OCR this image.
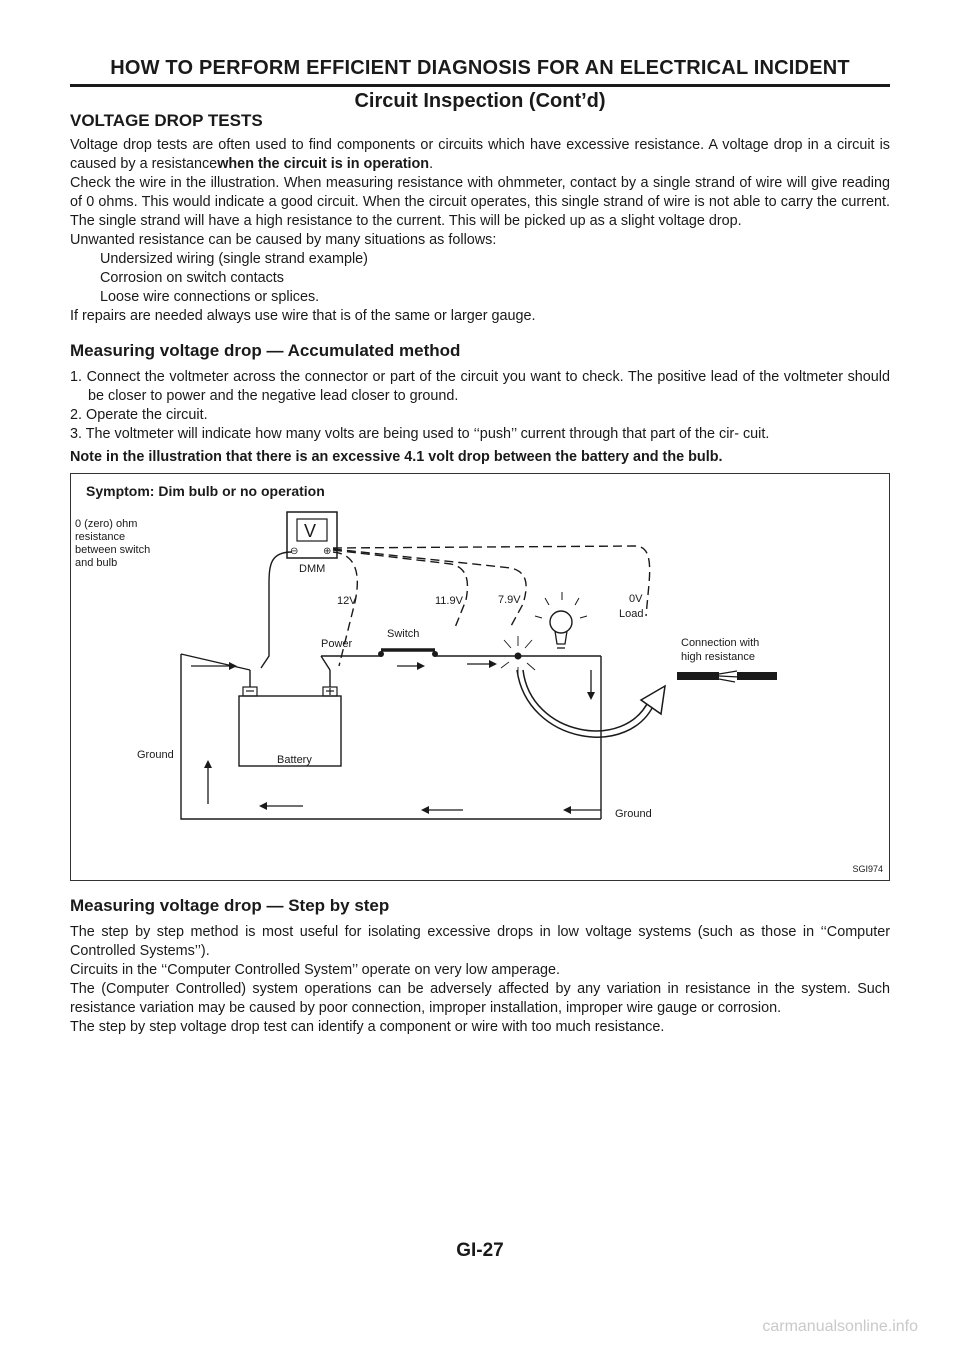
HOW TO PERFORM EFFICIENT DIAGNOSIS FOR AN ELECTRICAL INCIDENT
Circuit Inspection (Cont’d)
VOLTAGE DROP TESTS

Voltage drop tests are often used to find components or circuits which have excessive resistance. A voltage drop in a circuit is caused by a resistancewhen the circuit is in operation.

Check the wire in the illustration. When measuring resistance with ohmmeter, contact by a single strand of wire will give reading of 0 ohms. This would indicate a good circuit. When the circuit operates, this single strand of wire is not able to carry the current. The single strand will have a high resistance to the current. This will be picked up as a slight voltage drop.

Unwanted resistance can be caused by many situations as follows:

Undersized wiring (single strand example)

Corrosion on switch contacts

Loose wire connections or splices.

If repairs are needed always use wire that is of the same or larger gauge.

Measuring voltage drop — Accumulated method
1. Connect the voltmeter across the connector or part of the circuit you want to check. The positive lead of the voltmeter should be closer to power and the negative lead closer to ground.
2. Operate the circuit.
3. The voltmeter will indicate how many volts are being used to ‘‘push’’ current through that part of the cir- cuit.
Note in the illustration that there is an excessive 4.1 volt drop between the battery and the bulb.
Symptom: Dim bulb or no operation
0 (zero) ohm
resistance
between switch
and bulb
V
⊖ ⊕
DMM
12V	11.9V	7.9V	0V
Load
Power
Switch
Battery
Ground
Ground
Connection with
high resistance
SGI974
Measuring voltage drop — Step by step

The step by step method is most useful for isolating excessive drops in low voltage systems (such as those in ‘‘Computer Controlled Systems’’).

Circuits in the ‘‘Computer Controlled System’’ operate on very low amperage.

The (Computer Controlled) system operations can be adversely affected by any variation in resistance in the system. Such resistance variation may be caused by poor connection, improper installation, improper wire gauge or corrosion.

The step by step voltage drop test can identify a component or wire with too much resistance.

GI-27
carmanualsonline.info
